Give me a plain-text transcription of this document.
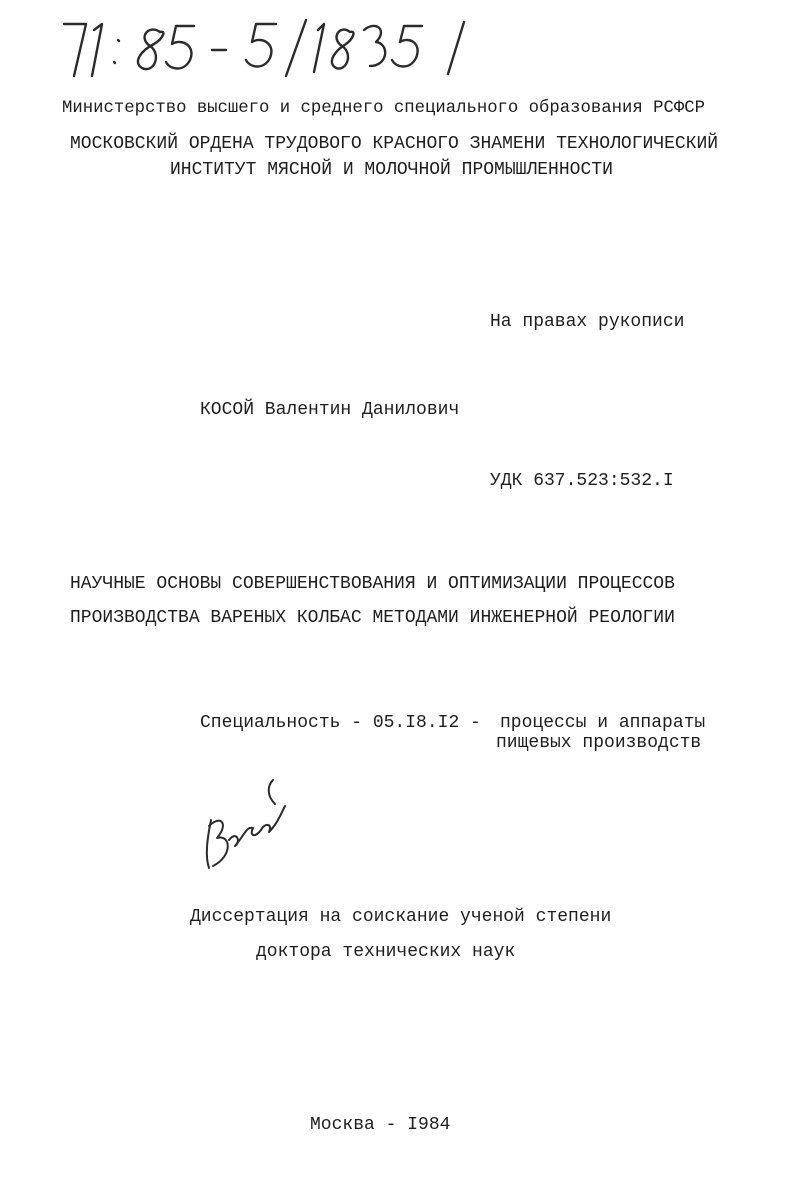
Министерство высшего и среднего специального образования РСФСР
МОСКОВСКИЙ ОРДЕНА ТРУДОВОГО КРАСНОГО ЗНАМЕНИ ТЕХНОЛОГИЧЕСКИЙ
ИНСТИТУТ МЯСНОЙ И МОЛОЧНОЙ ПРОМЫШЛЕННОСТИ
На правах рукописи
КОСОЙ Валентин Данилович
УДК 637.523:532.I
НАУЧНЫЕ ОСНОВЫ СОВЕРШЕНСТВОВАНИЯ И ОПТИМИЗАЦИИ ПРОЦЕССОВ
ПРОИЗВОДСТВА ВАРЕНЫХ КОЛБАС МЕТОДАМИ ИНЖЕНЕРНОЙ РЕОЛОГИИ
Специальность - 05.I8.I2 - процессы и аппараты
пищевых производств
Диссертация на соискание ученой степени
доктора технических наук
Москва - I984
